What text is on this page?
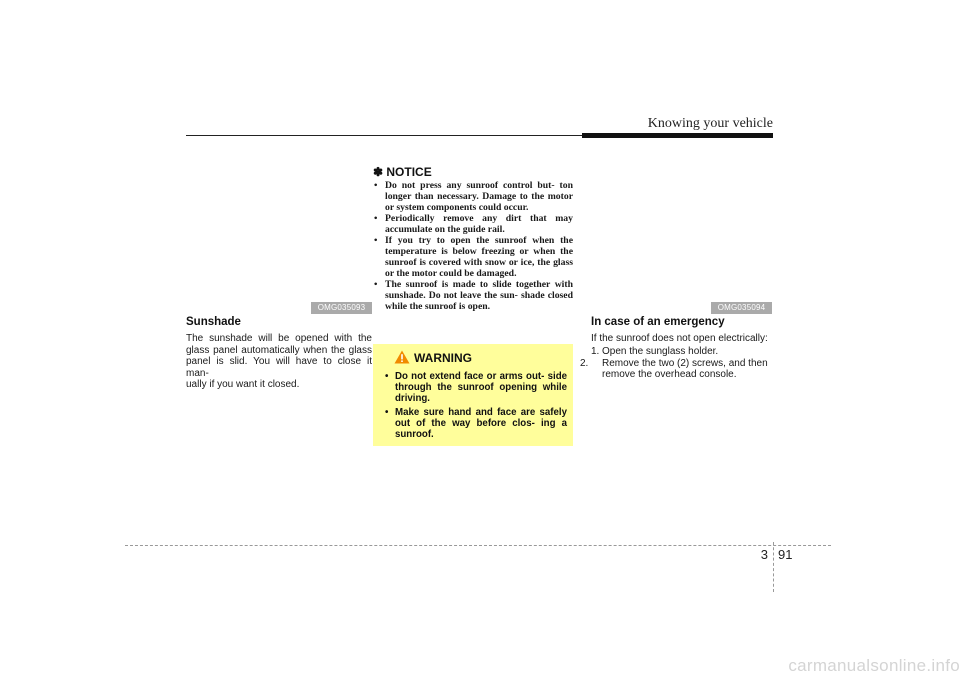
Knowing your vehicle
OMG035093
Sunshade
The sunshade will be opened with the
glass panel automatically when the glass
panel is slid. You will have to close it man-
ually if you want it closed.
✽ NOTICE
• Do not press any sunroof control but- ton longer than necessary. Damage to the motor or system components could occur.
• Periodically remove any dirt that may accumulate on the guide rail.
• If you try to open the sunroof when the temperature is below freezing or when the sunroof is covered with snow or ice, the glass or the motor could be damaged.
• The sunroof is made to slide together with sunshade. Do not leave the sun- shade closed while the sunroof is open.
WARNING
• Do not extend face or arms out- side through the sunroof opening while driving.
• Make sure hand and face are safely out of the way before clos- ing a sunroof.
OMG035094
In case of an emergency
If the sunroof does not open electrically:
1. Open the sunglass holder.
2. Remove the two (2) screws, and then remove the overhead console.
3 91
carmanualsonline.info
